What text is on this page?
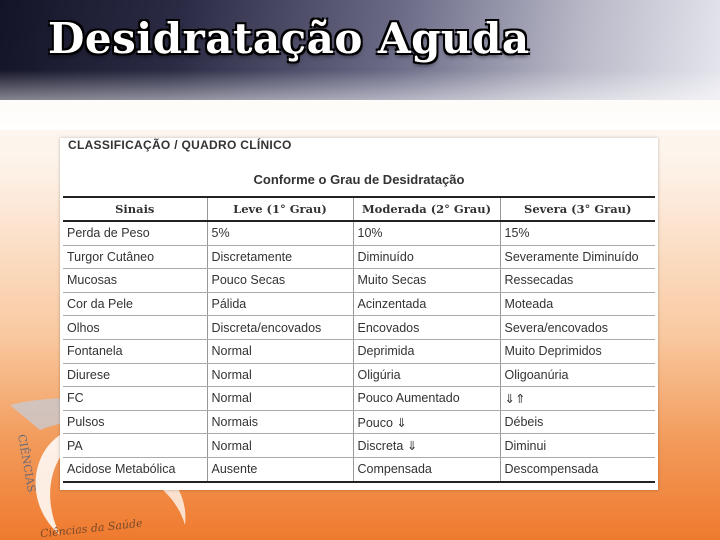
Desidratação Aguda
CIÊNCIAS
Ciências da Saúde

CLASSIFICAÇÃO / QUADRO CLÍNICO

Conforme o Grau de Desidratação

Sinais	Leve (1° Grau)	Moderada (2° Grau)	Severa (3° Grau)
Perda de Peso	5%	10%	15%
Turgor Cutâneo	Discretamente	Diminuído	Severamente Diminuído
Mucosas	Pouco Secas	Muito Secas	Ressecadas
Cor da Pele	Pálida	Acinzentada	Moteada
Olhos	Discreta/encovados	Encovados	Severa/encovados
Fontanela	Normal	Deprimida	Muito Deprimidos
Diurese	Normal	Oligúria	Oligoanúria
FC	Normal	Pouco Aumentado	⇓⇑
Pulsos	Normais	Pouco ⇓	Débeis
PA	Normal	Discreta ⇓	Diminui
Acidose Metabólica	Ausente	Compensada	Descompensada
